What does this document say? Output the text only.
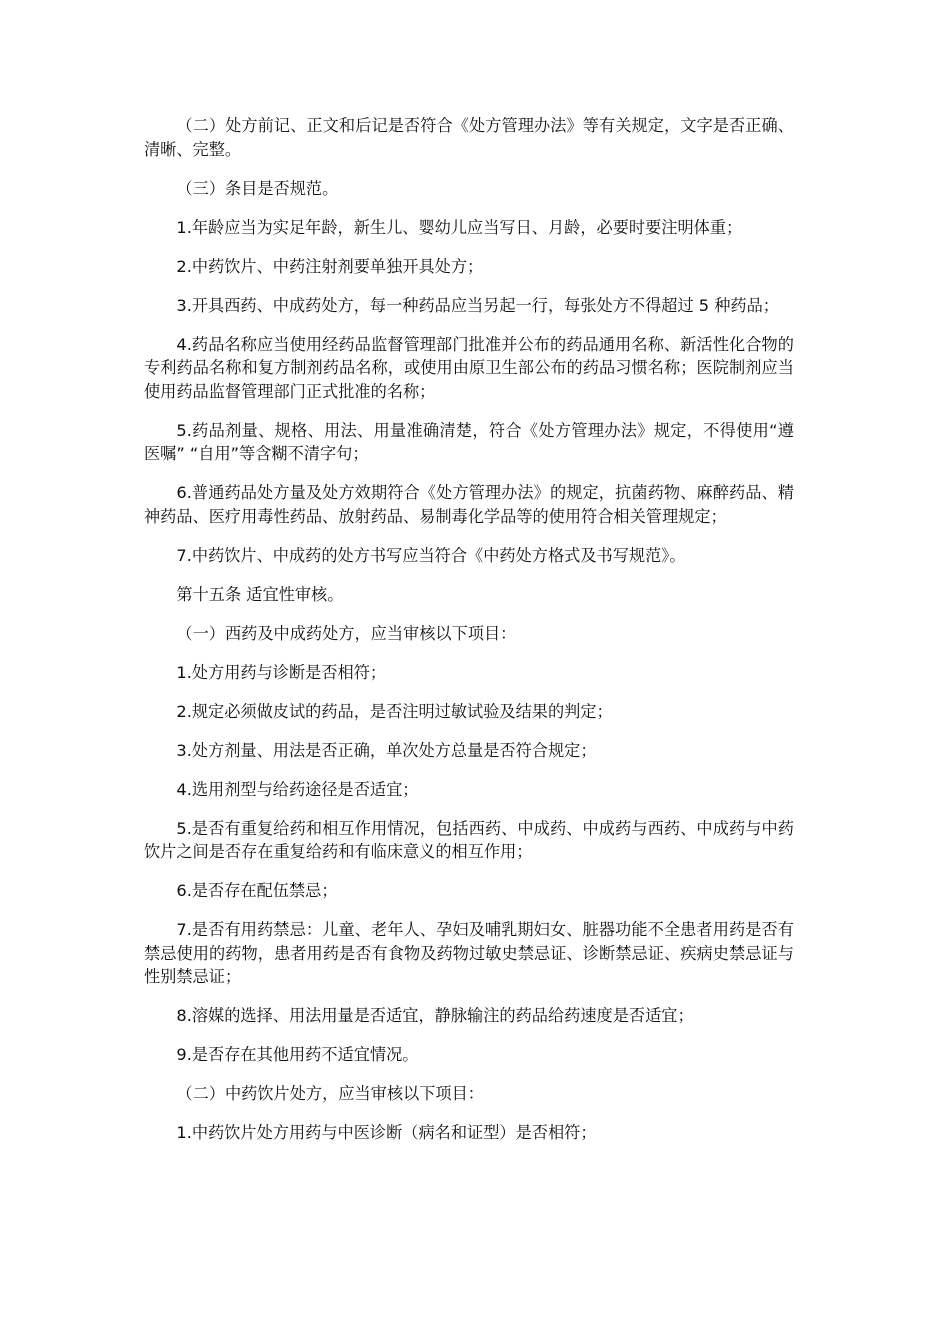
（二）处方前记、正文和后记是否符合《处方管理办法》等有关规定，文字是否正确、清晰、完整。

（三）条目是否规范。

1.年龄应当为实足年龄，新生儿、婴幼儿应当写日、月龄，必要时要注明体重；

2.中药饮片、中药注射剂要单独开具处方；

3.开具西药、中成药处方，每一种药品应当另起一行，每张处方不得超过 5 种药品；

4.药品名称应当使用经药品监督管理部门批准并公布的药品通用名称、新活性化合物的专利药品名称和复方制剂药品名称，或使用由原卫生部公布的药品习惯名称；医院制剂应当使用药品监督管理部门正式批准的名称；

5.药品剂量、规格、用法、用量准确清楚，符合《处方管理办法》规定，不得使用“遵医嘱” “自用”等含糊不清字句；

6.普通药品处方量及处方效期符合《处方管理办法》的规定，抗菌药物、麻醉药品、精神药品、医疗用毒性药品、放射药品、易制毒化学品等的使用符合相关管理规定；

7.中药饮片、中成药的处方书写应当符合《中药处方格式及书写规范》。

第十五条 适宜性审核。

（一）西药及中成药处方，应当审核以下项目：

1.处方用药与诊断是否相符；

2.规定必须做皮试的药品，是否注明过敏试验及结果的判定；

3.处方剂量、用法是否正确，单次处方总量是否符合规定；

4.选用剂型与给药途径是否适宜；

5.是否有重复给药和相互作用情况，包括西药、中成药、中成药与西药、中成药与中药饮片之间是否存在重复给药和有临床意义的相互作用；

6.是否存在配伍禁忌；

7.是否有用药禁忌：儿童、老年人、孕妇及哺乳期妇女、脏器功能不全患者用药是否有禁忌使用的药物，患者用药是否有食物及药物过敏史禁忌证、诊断禁忌证、疾病史禁忌证与性别禁忌证；

8.溶媒的选择、用法用量是否适宜，静脉输注的药品给药速度是否适宜；

9.是否存在其他用药不适宜情况。

（二）中药饮片处方，应当审核以下项目：

1.中药饮片处方用药与中医诊断（病名和证型）是否相符；
